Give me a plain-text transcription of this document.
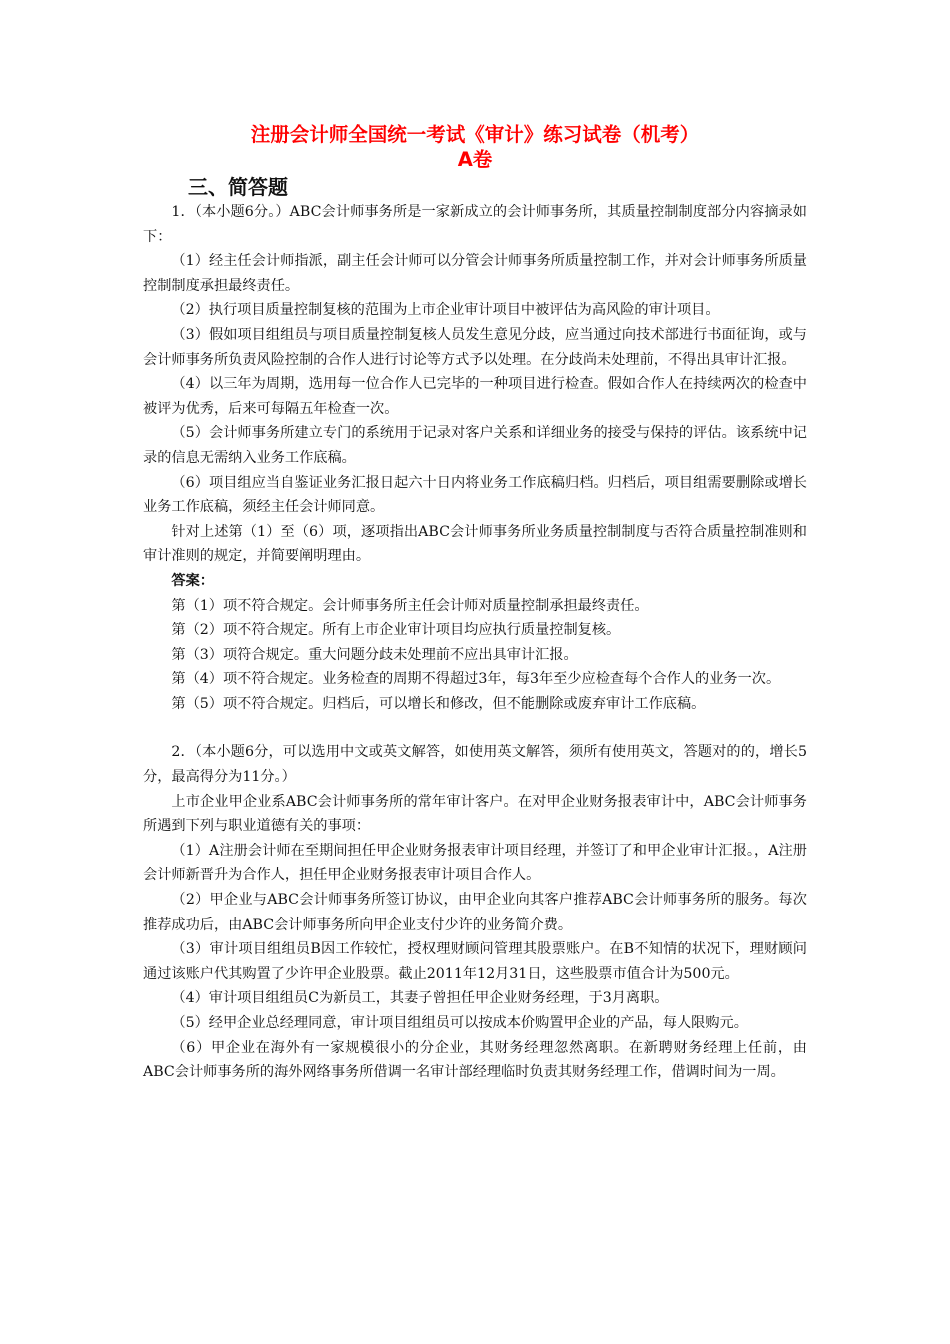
注册会计师全国统一考试《审计》练习试卷（机考）
A卷
三、简答题

1．（本小题6分。）ABC会计师事务所是一家新成立的会计师事务所，其质量控制制度部分内容摘录如下：

（1）经主任会计师指派，副主任会计师可以分管会计师事务所质量控制工作，并对会计师事务所质量控制制度承担最终责任。

（2）执行项目质量控制复核的范围为上市企业审计项目中被评估为高风险的审计项目。

（3）假如项目组组员与项目质量控制复核人员发生意见分歧，应当通过向技术部进行书面征询，或与会计师事务所负责风险控制的合作人进行讨论等方式予以处理。在分歧尚未处理前，不得出具审计汇报。

（4）以三年为周期，选用每一位合作人已完毕的一种项目进行检查。假如合作人在持续两次的检查中被评为优秀，后来可每隔五年检查一次。

（5）会计师事务所建立专门的系统用于记录对客户关系和详细业务的接受与保持的评估。该系统中记录的信息无需纳入业务工作底稿。

（6）项目组应当自鉴证业务汇报日起六十日内将业务工作底稿归档。归档后，项目组需要删除或增长业务工作底稿，须经主任会计师同意。

针对上述第（1）至（6）项，逐项指出ABC会计师事务所业务质量控制制度与否符合质量控制准则和审计准则的规定，并简要阐明理由。

答案：

第（1）项不符合规定。会计师事务所主任会计师对质量控制承担最终责任。

第（2）项不符合规定。所有上市企业审计项目均应执行质量控制复核。

第（3）项符合规定。重大问题分歧未处理前不应出具审计汇报。

第（4）项不符合规定。业务检查的周期不得超过3年，每3年至少应检查每个合作人的业务一次。

第（5）项不符合规定。归档后，可以增长和修改，但不能删除或废弃审计工作底稿。

2．（本小题6分，可以选用中文或英文解答，如使用英文解答，须所有使用英文，答题对的的，增长5分，最高得分为11分。）

上市企业甲企业系ABC会计师事务所的常年审计客户。在对甲企业财务报表审计中，ABC会计师事务所遇到下列与职业道德有关的事项：

（1）A注册会计师在至期间担任甲企业财务报表审计项目经理，并签订了和甲企业审计汇报。，A注册会计师新晋升为合作人，担任甲企业财务报表审计项目合作人。

（2）甲企业与ABC会计师事务所签订协议，由甲企业向其客户推荐ABC会计师事务所的服务。每次推荐成功后，由ABC会计师事务所向甲企业支付少许的业务简介费。

（3）审计项目组组员B因工作较忙，授权理财顾问管理其股票账户。在B不知情的状况下，理财顾问通过该账户代其购置了少许甲企业股票。截止2011年12月31日，这些股票市值合计为500元。

（4）审计项目组组员C为新员工，其妻子曾担任甲企业财务经理，于3月离职。

（5）经甲企业总经理同意，审计项目组组员可以按成本价购置甲企业的产品，每人限购元。

（6）甲企业在海外有一家规模很小的分企业，其财务经理忽然离职。在新聘财务经理上任前，由ABC会计师事务所的海外网络事务所借调一名审计部经理临时负责其财务经理工作，借调时间为一周。
